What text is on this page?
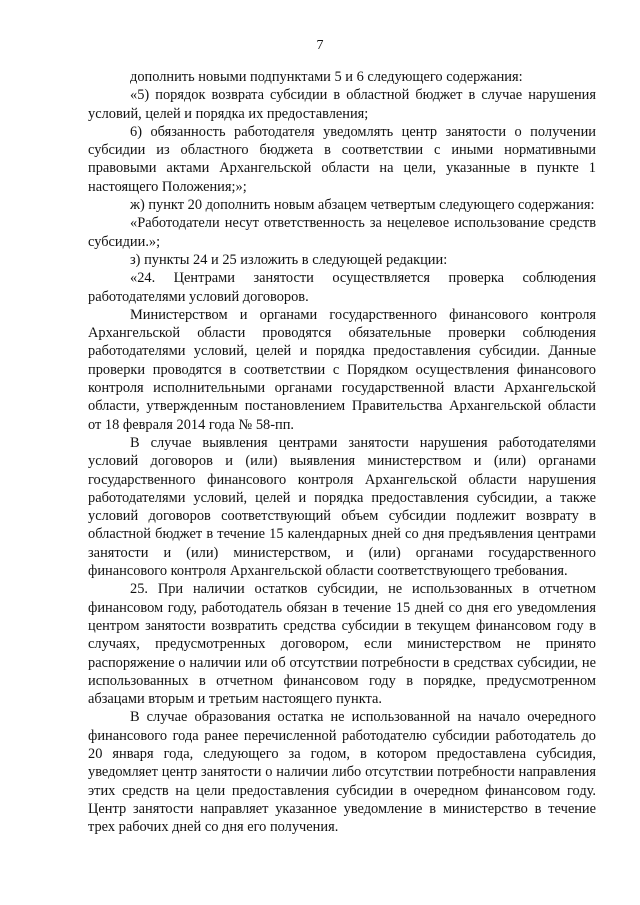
7

дополнить новыми подпунктами 5 и 6 следующего содержания:

«5) порядок возврата субсидии в областной бюджет в случае нарушения условий, целей и порядка их предоставления;

6) обязанность работодателя уведомлять центр занятости о получении субсидии из областного бюджета в соответствии с иными нормативными правовыми актами Архангельской области на цели, указанные в пункте 1 настоящего Положения;»;

ж) пункт 20 дополнить новым абзацем четвертым следующего содержания:

«Работодатели несут ответственность за нецелевое использование средств субсидии.»;

з) пункты 24 и 25 изложить в следующей редакции:

«24. Центрами занятости осуществляется проверка соблюдения работодателями условий договоров.

Министерством и органами государственного финансового контроля Архангельской области проводятся обязательные проверки соблюдения работодателями условий, целей и порядка предоставления субсидии. Данные проверки проводятся в соответствии с Порядком осуществления финансового контроля исполнительными органами государственной власти Архангельской области, утвержденным постановлением Правительства Архангельской области от 18 февраля 2014 года № 58-пп.

В случае выявления центрами занятости нарушения работодателями условий договоров и (или) выявления министерством и (или) органами государственного финансового контроля Архангельской области нарушения работодателями условий, целей и порядка предоставления субсидии, а также условий договоров соответствующий объем субсидии подлежит возврату в областной бюджет в течение 15 календарных дней со дня предъявления центрами занятости и (или) министерством, и (или) органами государственного финансового контроля Архангельской области соответствующего требования.

25. При наличии остатков субсидии, не использованных в отчетном финансовом году, работодатель обязан в течение 15 дней со дня его уведомления центром занятости возвратить средства субсидии в текущем финансовом году в случаях, предусмотренных договором, если министерством не принято распоряжение о наличии или об отсутствии потребности в средствах субсидии, не использованных в отчетном финансовом году в порядке, предусмотренном абзацами вторым и третьим настоящего пункта.

В случае образования остатка не использованной на начало очередного финансового года ранее перечисленной работодателю субсидии работодатель до 20 января года, следующего за годом, в котором предоставлена субсидия, уведомляет центр занятости о наличии либо отсутствии потребности направления этих средств на цели предоставления субсидии в очередном финансовом году. Центр занятости направляет указанное уведомление в министерство в течение трех рабочих дней со дня его получения.
